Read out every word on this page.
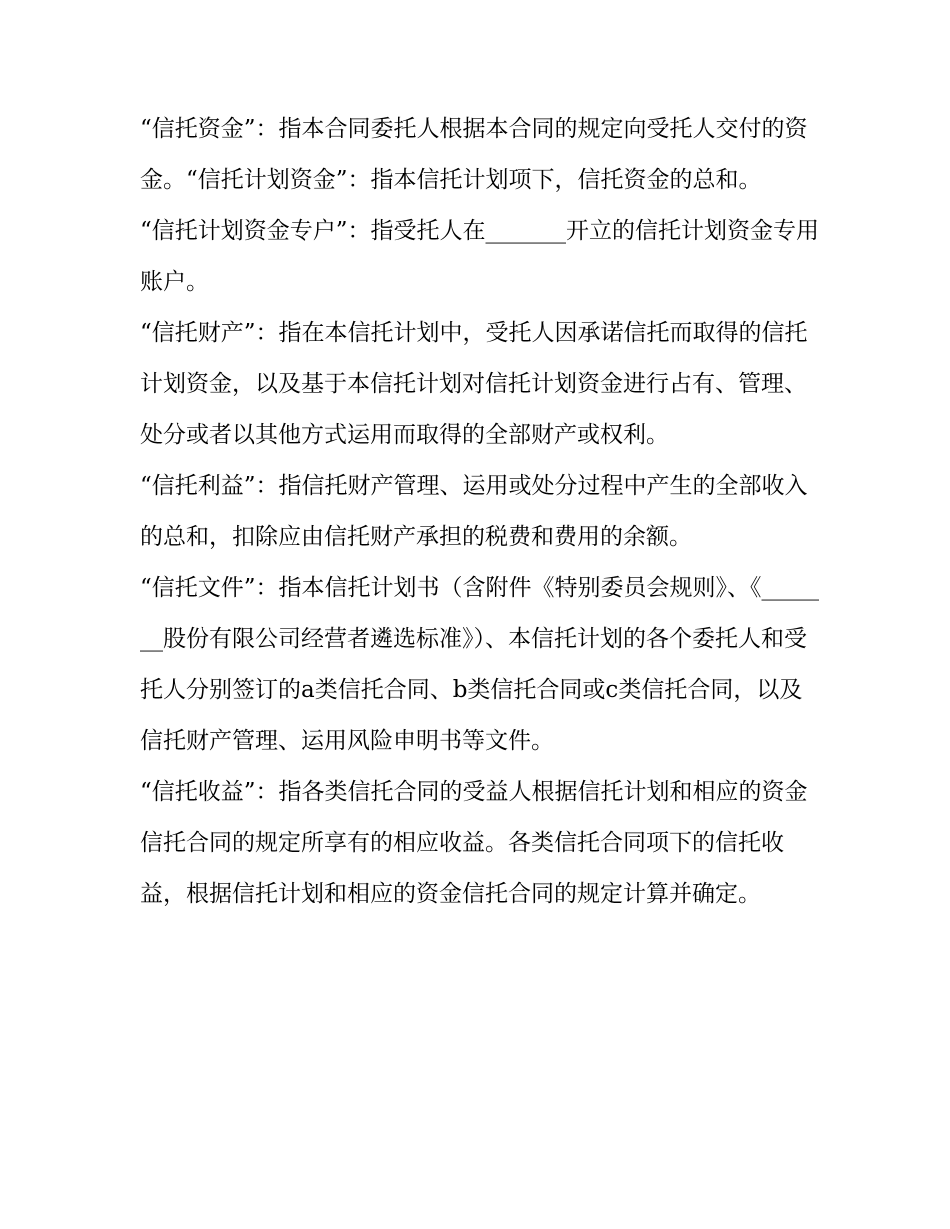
“信托资金”：指本合同委托人根据本合同的规定向受托人交付的资金。“信托计划资金”：指本信托计划项下，信托资金的总和。

“信托计划资金专户”：指受托人在_______开立的信托计划资金专用账户。

“信托财产”：指在本信托计划中，受托人因承诺信托而取得的信托计划资金，以及基于本信托计划对信托计划资金进行占有、管理、处分或者以其他方式运用而取得的全部财产或权利。

“信托利益”：指信托财产管理、运用或处分过程中产生的全部收入的总和，扣除应由信托财产承担的税费和费用的余额。

“信托文件”：指本信托计划书（含附件《特别委员会规则》、《_______股份有限公司经营者遴选标准》）、本信托计划的各个委托人和受托人分别签订的a类信托合同、b类信托合同或c类信托合同，以及信托财产管理、运用风险申明书等文件。

“信托收益”：指各类信托合同的受益人根据信托计划和相应的资金信托合同的规定所享有的相应收益。各类信托合同项下的信托收益，根据信托计划和相应的资金信托合同的规定计算并确定。
